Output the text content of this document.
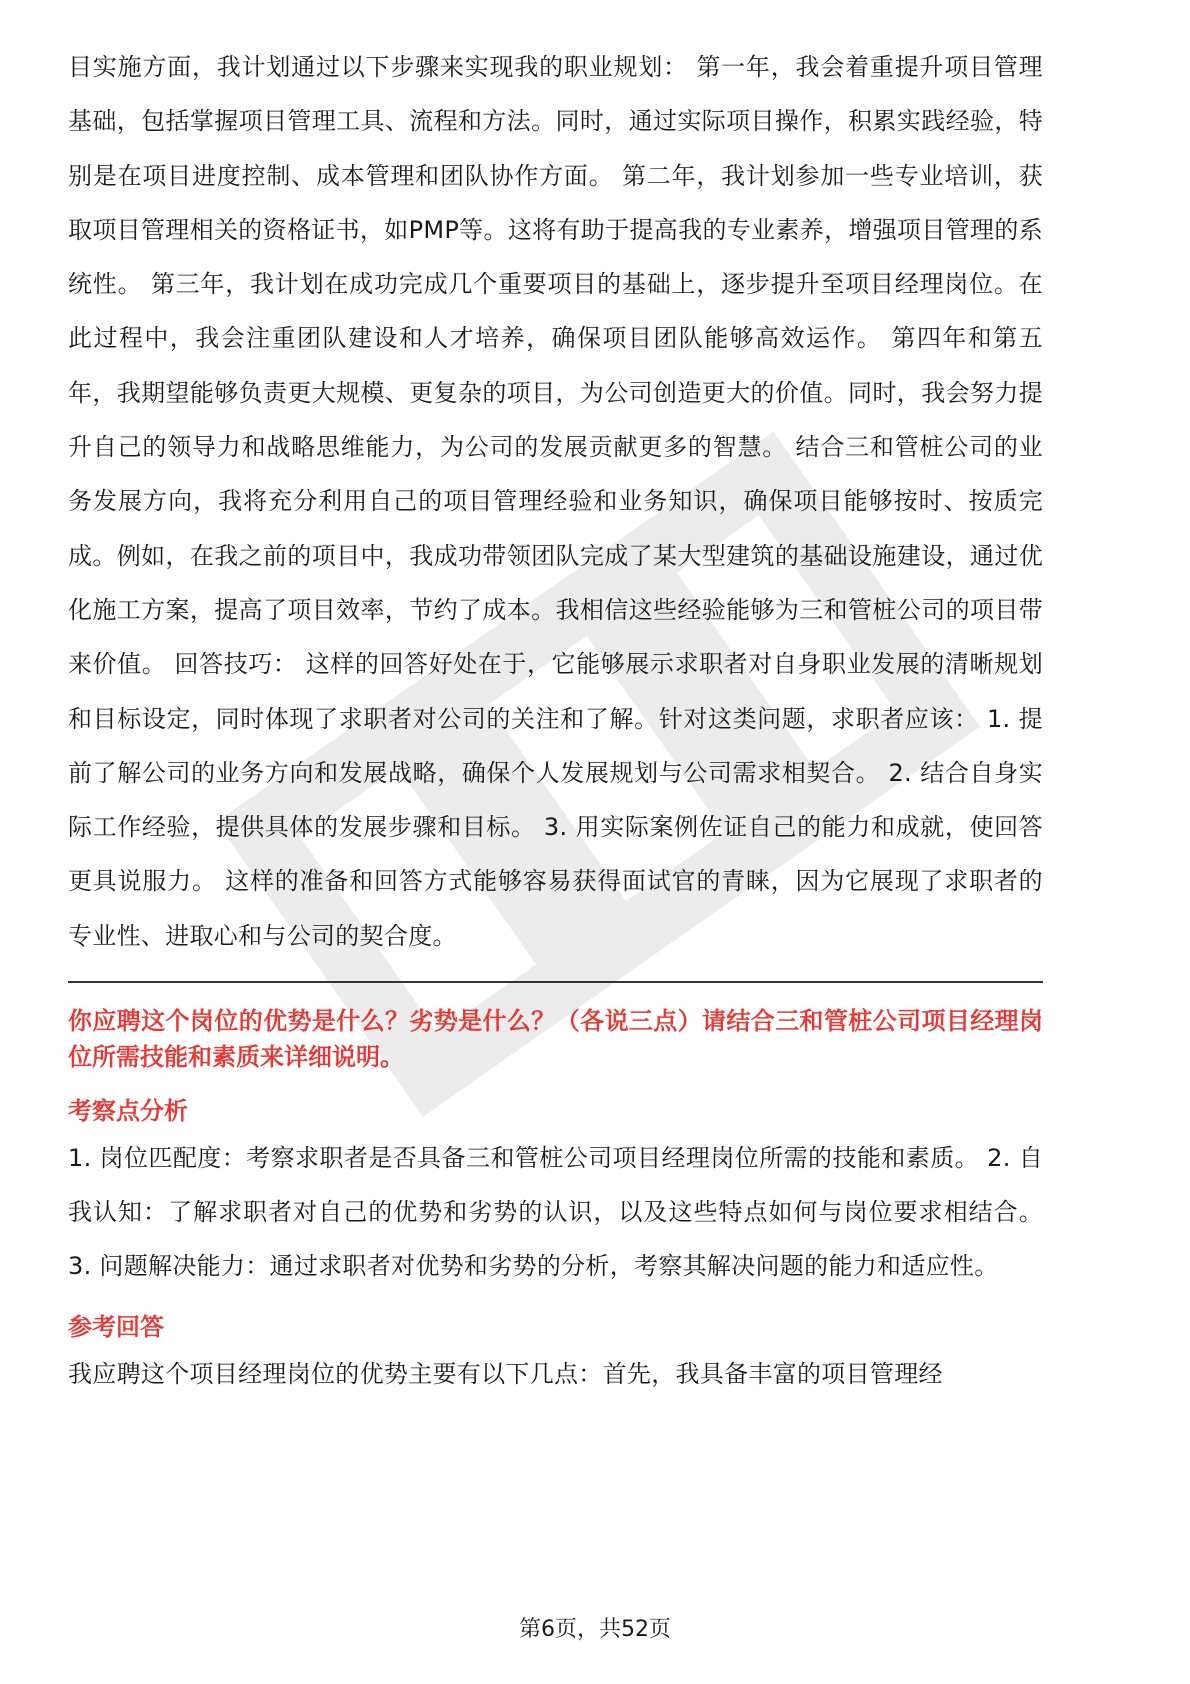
目实施方面，我计划通过以下步骤来实现我的职业规划： 第一年，我会着重提升项目管理基础，包括掌握项目管理工具、流程和方法。同时，通过实际项目操作，积累实践经验，特别是在项目进度控制、成本管理和团队协作方面。 第二年，我计划参加一些专业培训，获取项目管理相关的资格证书，如PMP等。这将有助于提高我的专业素养，增强项目管理的系统性。 第三年，我计划在成功完成几个重要项目的基础上，逐步提升至项目经理岗位。在此过程中，我会注重团队建设和人才培养，确保项目团队能够高效运作。 第四年和第五年，我期望能够负责更大规模、更复杂的项目，为公司创造更大的价值。同时，我会努力提升自己的领导力和战略思维能力，为公司的发展贡献更多的智慧。 结合三和管桩公司的业务发展方向，我将充分利用自己的项目管理经验和业务知识，确保项目能够按时、按质完成。例如，在我之前的项目中，我成功带领团队完成了某大型建筑的基础设施建设，通过优化施工方案，提高了项目效率，节约了成本。我相信这些经验能够为三和管桩公司的项目带来价值。 回答技巧： 这样的回答好处在于，它能够展示求职者对自身职业发展的清晰规划和目标设定，同时体现了求职者对公司的关注和了解。针对这类问题，求职者应该： 1. 提前了解公司的业务方向和发展战略，确保个人发展规划与公司需求相契合。 2. 结合自身实际工作经验，提供具体的发展步骤和目标。 3. 用实际案例佐证自己的能力和成就，使回答更具说服力。 这样的准备和回答方式能够容易获得面试官的青睐，因为它展现了求职者的专业性、进取心和与公司的契合度。

你应聘这个岗位的优势是什么？劣势是什么？（各说三点）请结合三和管桩公司项目经理岗位所需技能和素质来详细说明。

考察点分析

1. 岗位匹配度：考察求职者是否具备三和管桩公司项目经理岗位所需的技能和素质。 2. 自我认知：了解求职者对自己的优势和劣势的认识，以及这些特点如何与岗位要求相结合。 3. 问题解决能力：通过求职者对优势和劣势的分析，考察其解决问题的能力和适应性。

参考回答

我应聘这个项目经理岗位的优势主要有以下几点：首先，我具备丰富的项目管理经

第6页，共52页
